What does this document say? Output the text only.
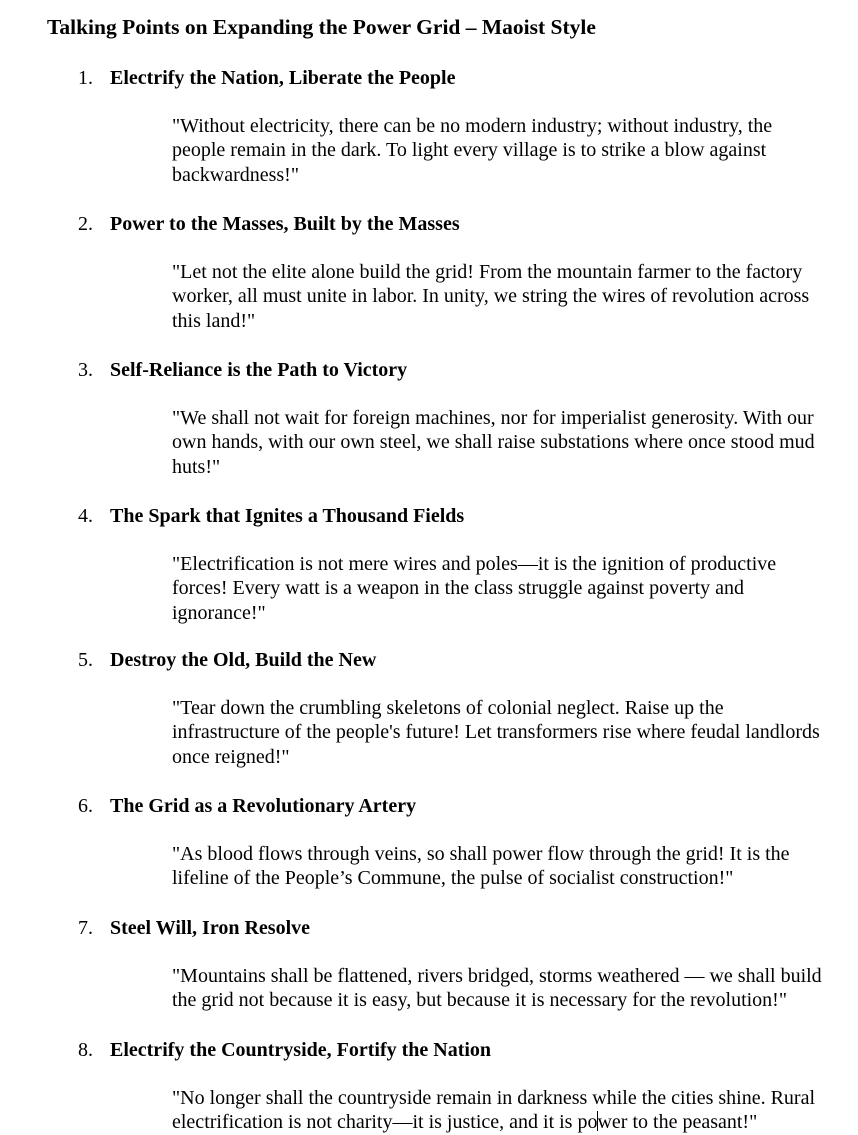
Talking Points on Expanding the Power Grid – Maoist Style
1. Electrify the Nation, Liberate the People
"Without electricity, there can be no modern industry; without industry, the
people remain in the dark. To light every village is to strike a blow against
backwardness!"
2. Power to the Masses, Built by the Masses
"Let not the elite alone build the grid! From the mountain farmer to the factory
worker, all must unite in labor. In unity, we string the wires of revolution across
this land!"
3. Self-Reliance is the Path to Victory
"We shall not wait for foreign machines, nor for imperialist generosity. With our
own hands, with our own steel, we shall raise substations where once stood mud
huts!"
4. The Spark that Ignites a Thousand Fields
"Electrification is not mere wires and poles—it is the ignition of productive
forces! Every watt is a weapon in the class struggle against poverty and
ignorance!"
5. Destroy the Old, Build the New
"Tear down the crumbling skeletons of colonial neglect. Raise up the
infrastructure of the people's future! Let transformers rise where feudal landlords
once reigned!"
6. The Grid as a Revolutionary Artery
"As blood flows through veins, so shall power flow through the grid! It is the
lifeline of the People’s Commune, the pulse of socialist construction!"
7. Steel Will, Iron Resolve
"Mountains shall be flattened, rivers bridged, storms weathered — we shall build
the grid not because it is easy, but because it is necessary for the revolution!"
8. Electrify the Countryside, Fortify the Nation
"No longer shall the countryside remain in darkness while the cities shine. Rural
electrification is not charity—it is justice, and it is power to the peasant!"
